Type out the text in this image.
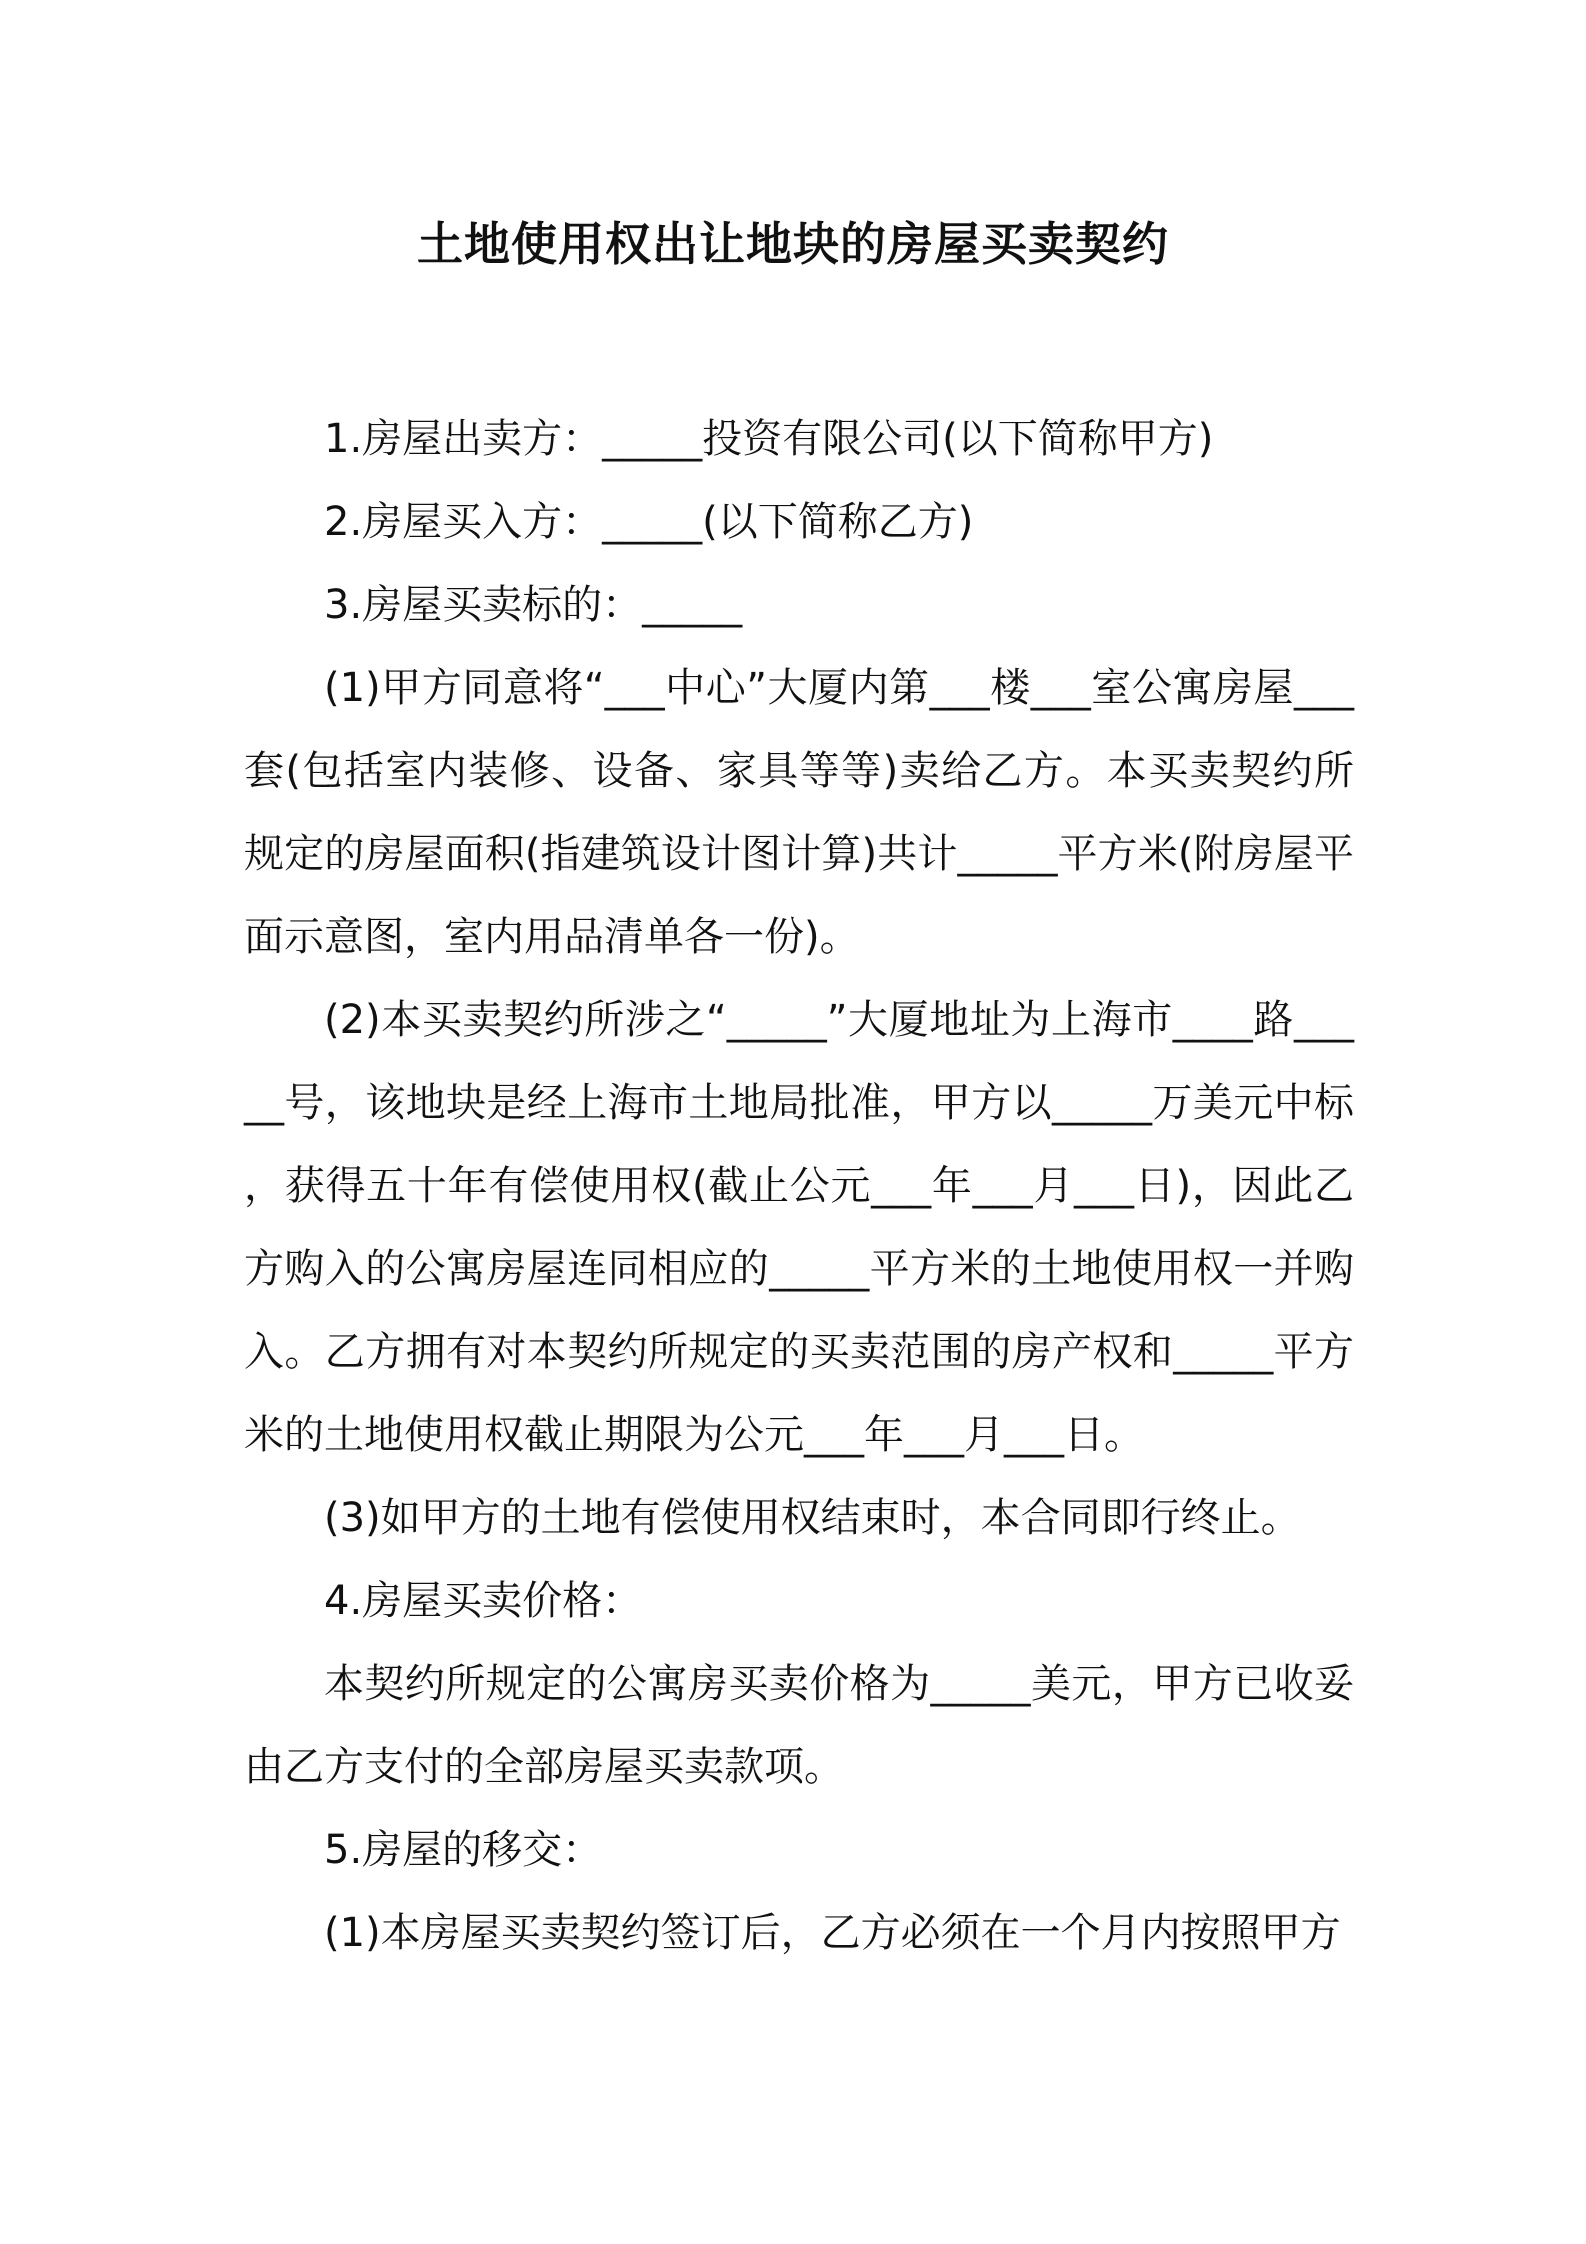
土地使用权出让地块的房屋买卖契约

1.房屋出卖方：_____投资有限公司(以下简称甲方)

2.房屋买入方：_____(以下简称乙方)

3.房屋买卖标的：_____

(1)甲方同意将“___中心”大厦内第___楼___室公寓房屋___套(包括室内装修、设备、家具等等)卖给乙方。本买卖契约所规定的房屋面积(指建筑设计图计算)共计_____平方米(附房屋平面示意图，室内用品清单各一份)。

(2)本买卖契约所涉之“_____”大厦地址为上海市____路_____号，该地块是经上海市土地局批准，甲方以_____万美元中标，获得五十年有偿使用权(截止公元___年___月___日)，因此乙方购入的公寓房屋连同相应的_____平方米的土地使用权一并购入。乙方拥有对本契约所规定的买卖范围的房产权和_____平方米的土地使用权截止期限为公元___年___月___日。

(3)如甲方的土地有偿使用权结束时，本合同即行终止。

4.房屋买卖价格：

本契约所规定的公寓房买卖价格为_____美元，甲方已收妥由乙方支付的全部房屋买卖款项。

5.房屋的移交：

(1)本房屋买卖契约签订后，乙方必须在一个月内按照甲方
